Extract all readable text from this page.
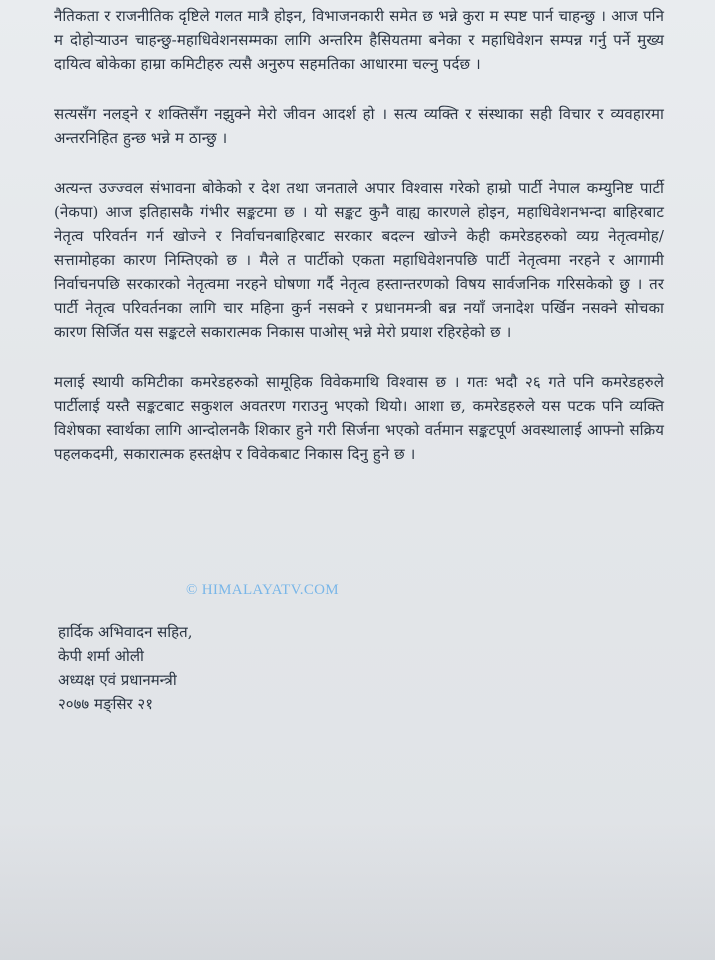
नैतिकता र राजनीतिक दृष्टिले गलत मात्रै होइन, विभाजनकारी समेत छ भन्ने कुरा म स्पष्ट पार्न चाहन्छु । आज पनि म दोहोऱ्याउन चाहन्छु-महाधिवेशनसम्मका लागि अन्तरिम हैसियतमा बनेका र महाधिवेशन सम्पन्न गर्नु पर्ने मुख्य दायित्व बोकेका हाम्रा कमिटीहरु त्यसै अनुरुप सहमतिका आधारमा चल्नु पर्दछ ।

सत्यसँग नलड्ने र शक्तिसँग नझुक्ने मेरो जीवन आदर्श हो । सत्य व्यक्ति र संस्थाका सही विचार र व्यवहारमा अन्तरनिहित हुन्छ भन्ने म ठान्छु ।

अत्यन्त उज्ज्वल संभावना बोकेको र देश तथा जनताले अपार विश्वास गरेको हाम्रो पार्टी नेपाल कम्युनिष्ट पार्टी (नेकपा) आज इतिहासकै गंभीर सङ्कटमा छ । यो सङ्कट कुनै वाह्य कारणले होइन, महाधिवेशनभन्दा बाहिरबाट नेतृत्व परिवर्तन गर्न खोज्ने र निर्वाचनबाहिरबाट सरकार बदल्न खोज्ने केही कमरेडहरुको व्यग्र नेतृत्वमोह/सत्तामोहका कारण निम्तिएको छ । मैले त पार्टीको एकता महाधिवेशनपछि पार्टी नेतृत्वमा नरहने र आगामी निर्वाचनपछि सरकारको नेतृत्वमा नरहने घोषणा गर्दै नेतृत्व हस्तान्तरणको विषय सार्वजनिक गरिसकेको छु । तर पार्टी नेतृत्व परिवर्तनका लागि चार महिना कुर्न नसक्ने र प्रधानमन्त्री बन्न नयाँ जनादेश पर्खिन नसक्ने सोचका कारण सिर्जित यस सङ्कटले सकारात्मक निकास पाओस् भन्ने मेरो प्रयाश रहिरहेको छ ।

मलाई स्थायी कमिटीका कमरेडहरुको सामूहिक विवेकमाथि विश्वास छ । गतः भदौ २६ गते पनि कमरेडहरुले पार्टीलाई यस्तै सङ्कटबाट सकुशल अवतरण गराउनु भएको थियो। आशा छ, कमरेडहरुले यस पटक पनि व्यक्ति विशेषका स्वार्थका लागि आन्दोलनकै शिकार हुने गरी सिर्जना भएको वर्तमान सङ्कटपूर्ण अवस्थालाई आफ्नो सक्रिय पहलकदमी, सकारात्मक हस्तक्षेप र विवेकबाट निकास दिनु हुने छ ।

© HIMALAYATV.COM
हार्दिक अभिवादन सहित,
केपी शर्मा ओली
अध्यक्ष एवं प्रधानमन्त्री
२०७७ मङ्सिर २१
